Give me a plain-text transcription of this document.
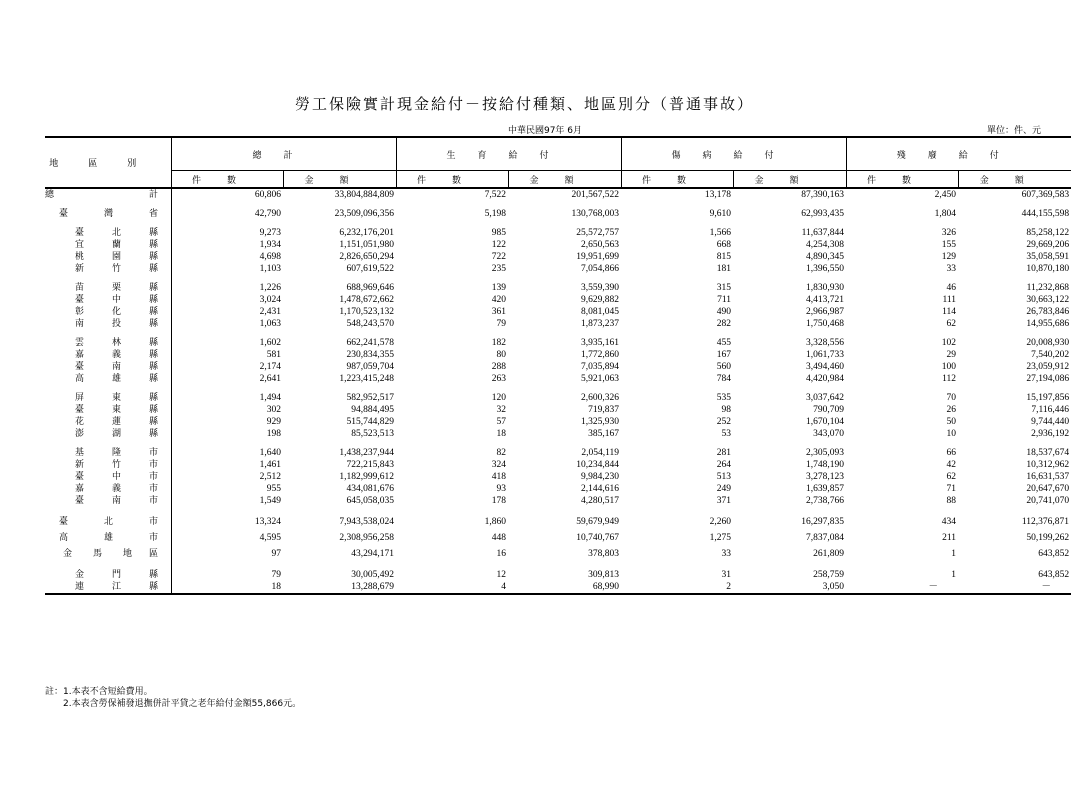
勞工保險實計現金給付－按給付種類、地區別分（普通事故）
中華民國97年 6月	單位：件、元
地區別	總計		生育給付		傷病給付		殘廢給付	
	件數	金額	件數	金額	件數	金額	件數	金額

總 計	60,806	33,804,884,809	7,522	201,567,522	13,178	87,390,163	2,450	607,369,583

臺 灣 省	42,790	23,509,096,356	5,198	130,768,003	9,610	62,993,435	1,804	444,155,598

臺 北 縣	9,273	6,232,176,201	985	25,572,757	1,566	11,637,844	326	85,258,122

宜 蘭 縣	1,934	1,151,051,980	122	2,650,563	668	4,254,308	155	29,669,206

桃 園 縣	4,698	2,826,650,294	722	19,951,699	815	4,890,345	129	35,058,591

新 竹 縣	1,103	607,619,522	235	7,054,866	181	1,396,550	33	10,870,180

苗 栗 縣	1,226	688,969,646	139	3,559,390	315	1,830,930	46	11,232,868

臺 中 縣	3,024	1,478,672,662	420	9,629,882	711	4,413,721	111	30,663,122

彰 化 縣	2,431	1,170,523,132	361	8,081,045	490	2,966,987	114	26,783,846

南 投 縣	1,063	548,243,570	79	1,873,237	282	1,750,468	62	14,955,686

雲 林 縣	1,602	662,241,578	182	3,935,161	455	3,328,556	102	20,008,930

嘉 義 縣	581	230,834,355	80	1,772,860	167	1,061,733	29	7,540,202

臺 南 縣	2,174	987,059,704	288	7,035,894	560	3,494,460	100	23,059,912

高 雄 縣	2,641	1,223,415,248	263	5,921,063	784	4,420,984	112	27,194,086

屏 東 縣	1,494	582,952,517	120	2,600,326	535	3,037,642	70	15,197,856

臺 東 縣	302	94,884,495	32	719,837	98	790,709	26	7,116,446

花 蓮 縣	929	515,744,829	57	1,325,930	252	1,670,104	50	9,744,440

澎 湖 縣	198	85,523,513	18	385,167	53	343,070	10	2,936,192

基 隆 市	1,640	1,438,237,944	82	2,054,119	281	2,305,093	66	18,537,674

新 竹 市	1,461	722,215,843	324	10,234,844	264	1,748,190	42	10,312,962

臺 中 市	2,512	1,182,999,612	418	9,984,230	513	3,278,123	62	16,631,537

嘉 義 市	955	434,081,676	93	2,144,616	249	1,639,857	71	20,647,670

臺 南 市	1,549	645,058,035	178	4,280,517	371	2,738,766	88	20,741,070

臺 北 市	13,324	7,943,538,024	1,860	59,679,949	2,260	16,297,835	434	112,376,871

高 雄 市	4,595	2,308,956,258	448	10,740,767	1,275	7,837,084	211	50,199,262

金 馬 地 區	97	43,294,171	16	378,803	33	261,809	1	643,852

金 門 縣	79	30,005,492	12	309,813	31	258,759	1	643,852

連 江 縣	18	13,288,679	4	68,990	2	3,050	－	－
註：1.本表不含短給費用。
　　2.本表含勞保補發退撫併計平貸之老年給付金額55,866元。
